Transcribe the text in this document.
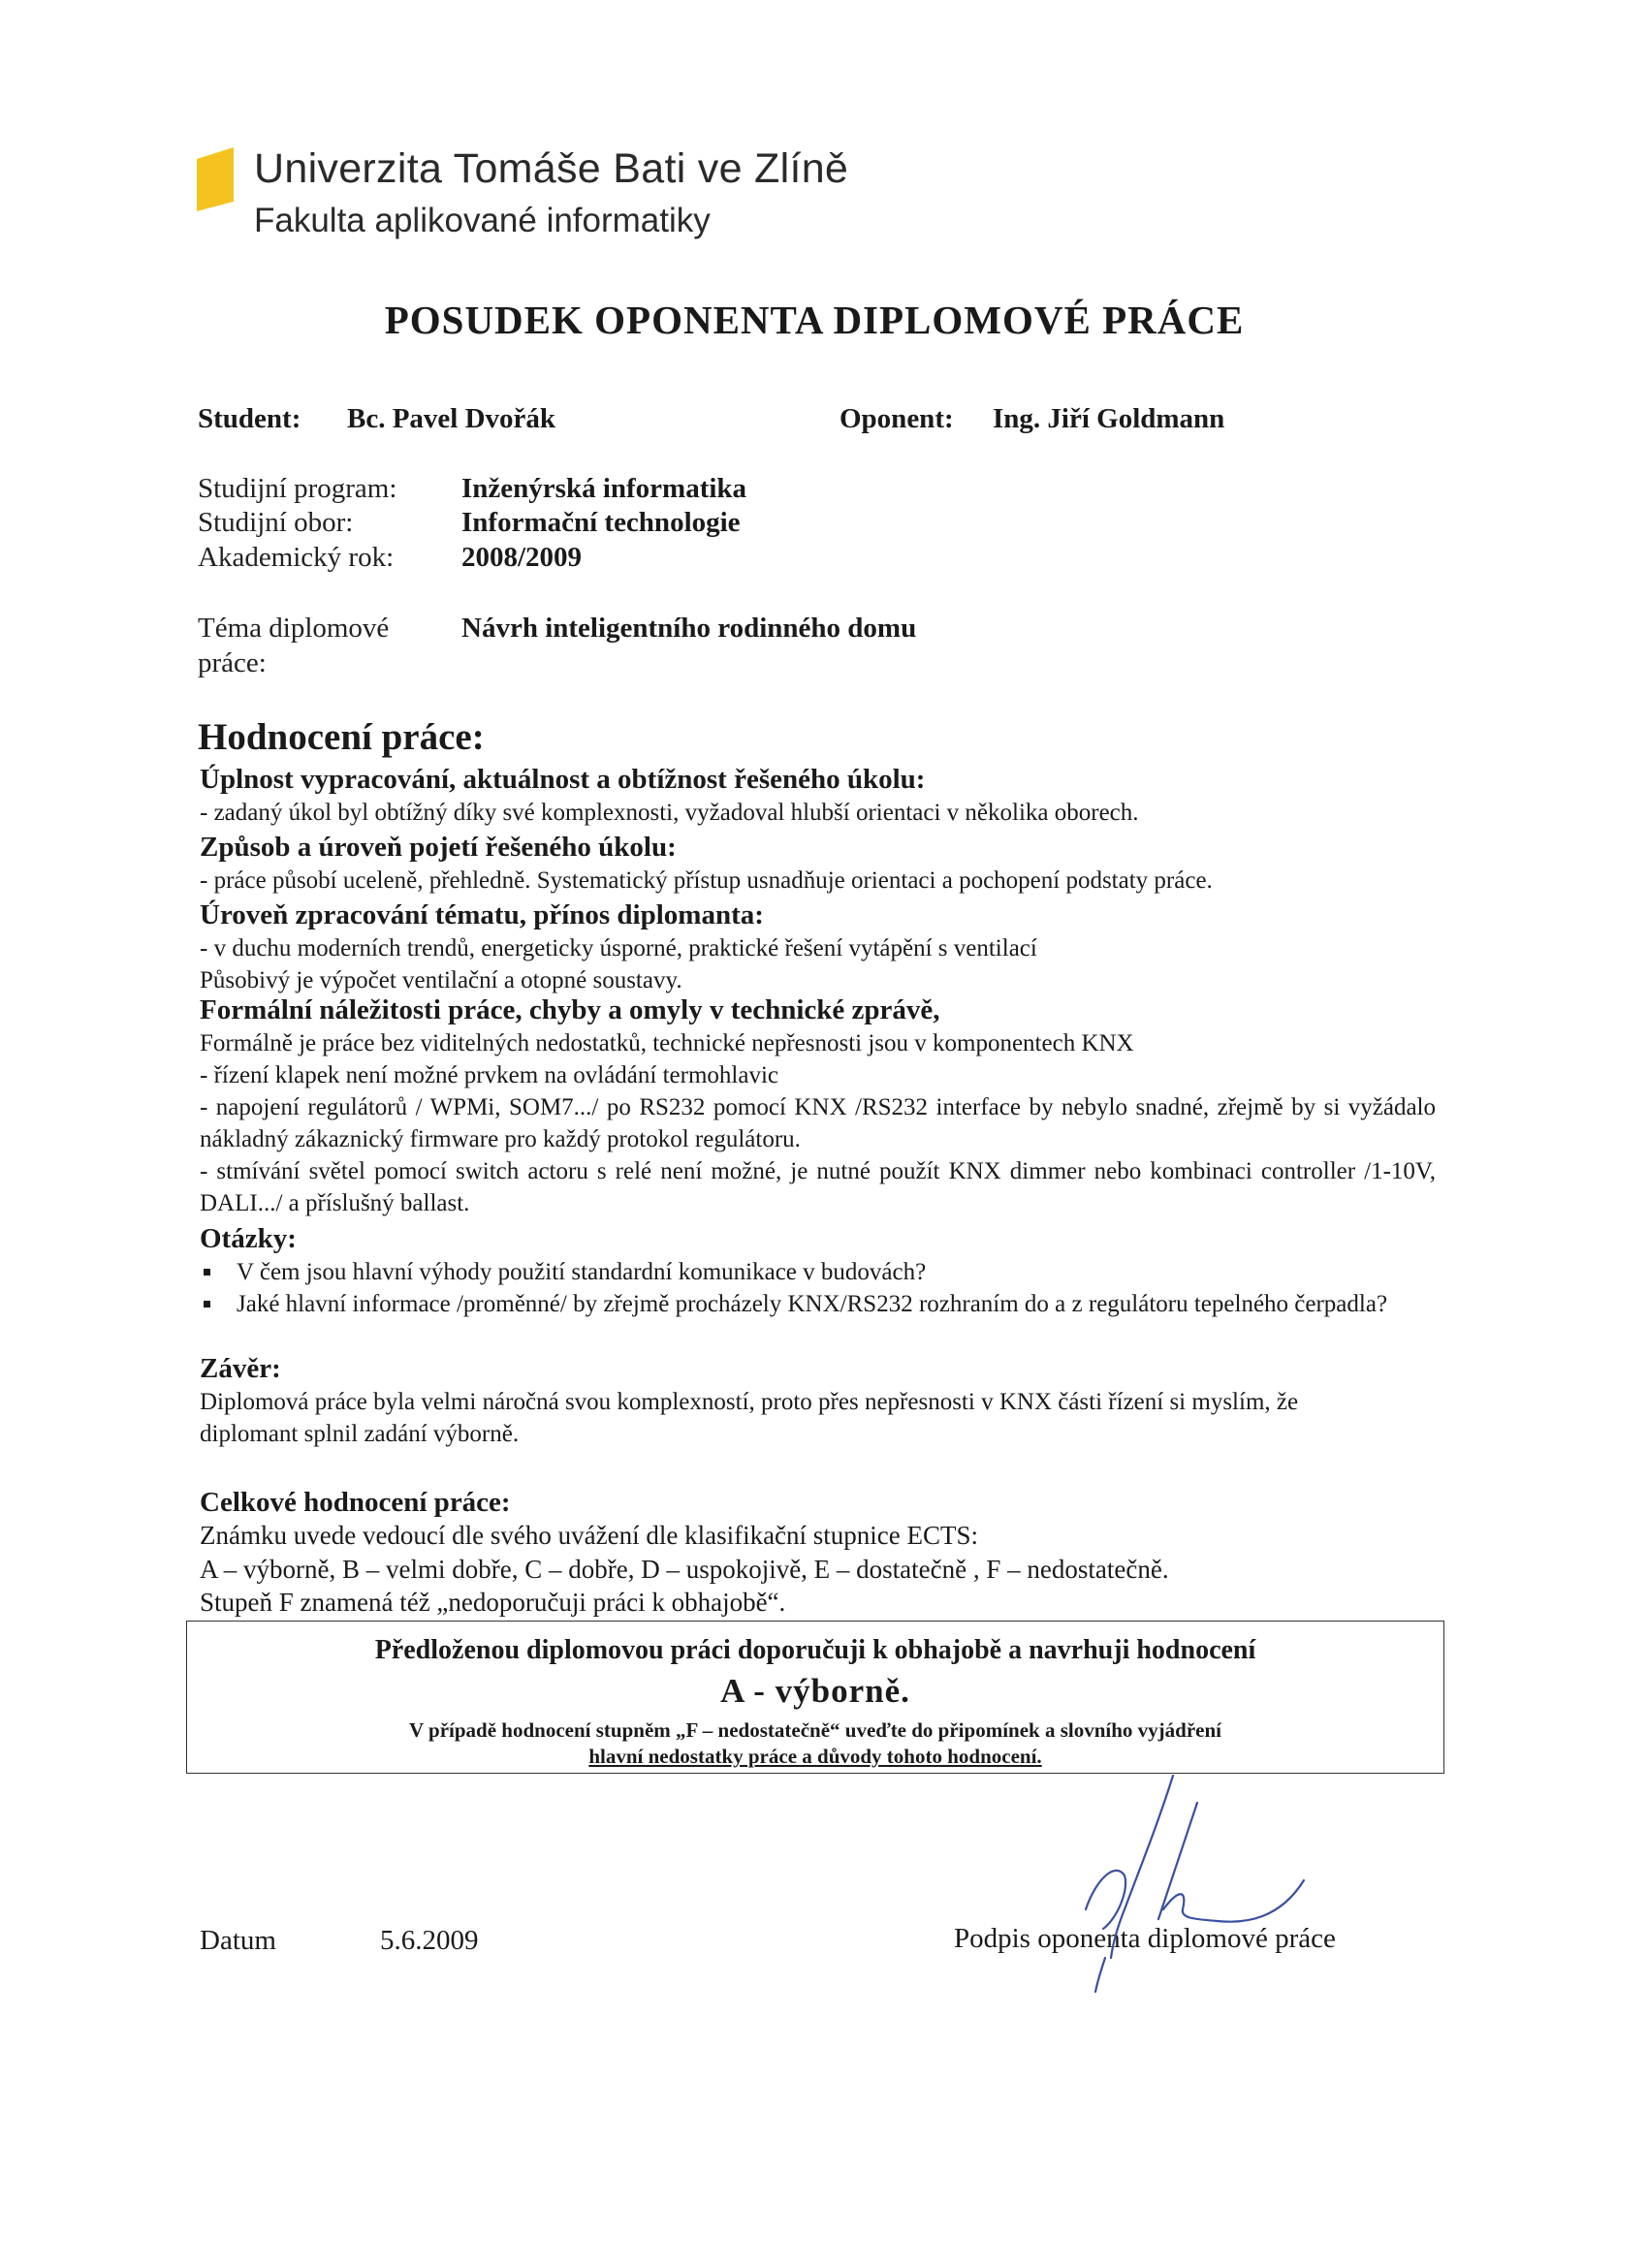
Univerzita Tomáše Bati ve Zlíně
Fakulta aplikované informatiky
POSUDEK OPONENTA DIPLOMOVÉ PRÁCE
Student: Bc. Pavel Dvořák	Oponent: Ing. Jiří Goldmann
Studijní program: Inženýrská informatika
Studijní obor:	Informační technologie
Akademický rok: 2008/2009
Téma diplomové
práce:
Návrh inteligentního rodinného domu
Hodnocení práce:
Úplnost vypracování, aktuálnost a obtížnost řešeného úkolu:
- zadaný úkol byl obtížný díky své komplexnosti, vyžadoval hlubší orientaci v několika oborech.
Způsob a úroveň pojetí řešeného úkolu:
- práce působí uceleně, přehledně. Systematický přístup usnadňuje orientaci a pochopení podstaty práce.
Úroveň zpracování tématu, přínos diplomanta:
- v duchu moderních trendů, energeticky úsporné, praktické řešení vytápění s ventilací
Působivý je výpočet ventilační a otopné soustavy.
Formální náležitosti práce, chyby a omyly v technické zprávě,
Formálně je práce bez viditelných nedostatků, technické nepřesnosti jsou v komponentech KNX
- řízení klapek není možné prvkem na ovládání termohlavic
- napojení regulátorů / WPMi, SOM7.../ po RS232 pomocí KNX /RS232 interface by nebylo snadné, zřejmě by si vyžádalo nákladný zákaznický firmware pro každý protokol regulátoru.
- stmívání světel pomocí switch actoru s relé není možné, je nutné použít KNX dimmer nebo kombinaci controller /1-10V, DALI.../ a příslušný ballast.
Otázky:
V čem jsou hlavní výhody použití standardní komunikace v budovách?
Jaké hlavní informace /proměnné/ by zřejmě procházely KNX/RS232 rozhraním do a z regulátoru tepelného čerpadla?
Závěr:
Diplomová práce byla velmi náročná svou komplexností, proto přes nepřesnosti v KNX části řízení si myslím, že diplomant splnil zadání výborně.
Celkové hodnocení práce:
Známku uvede vedoucí dle svého uvážení dle klasifikační stupnice ECTS:
A – výborně, B – velmi dobře, C – dobře, D – uspokojivě, E – dostatečně , F – nedostatečně.
Stupeň F znamená též „nedoporučuji práci k obhajobě“.
Předloženou diplomovou práci doporučuji k obhajobě a navrhuji hodnocení
A - výborně.
V případě hodnocení stupněm „F – nedostatečně“ uveďte do připomínek a slovního vyjádření
hlavní nedostatky práce a důvody tohoto hodnocení.
Datum	5.6.2009	Podpis oponenta diplomové práce
